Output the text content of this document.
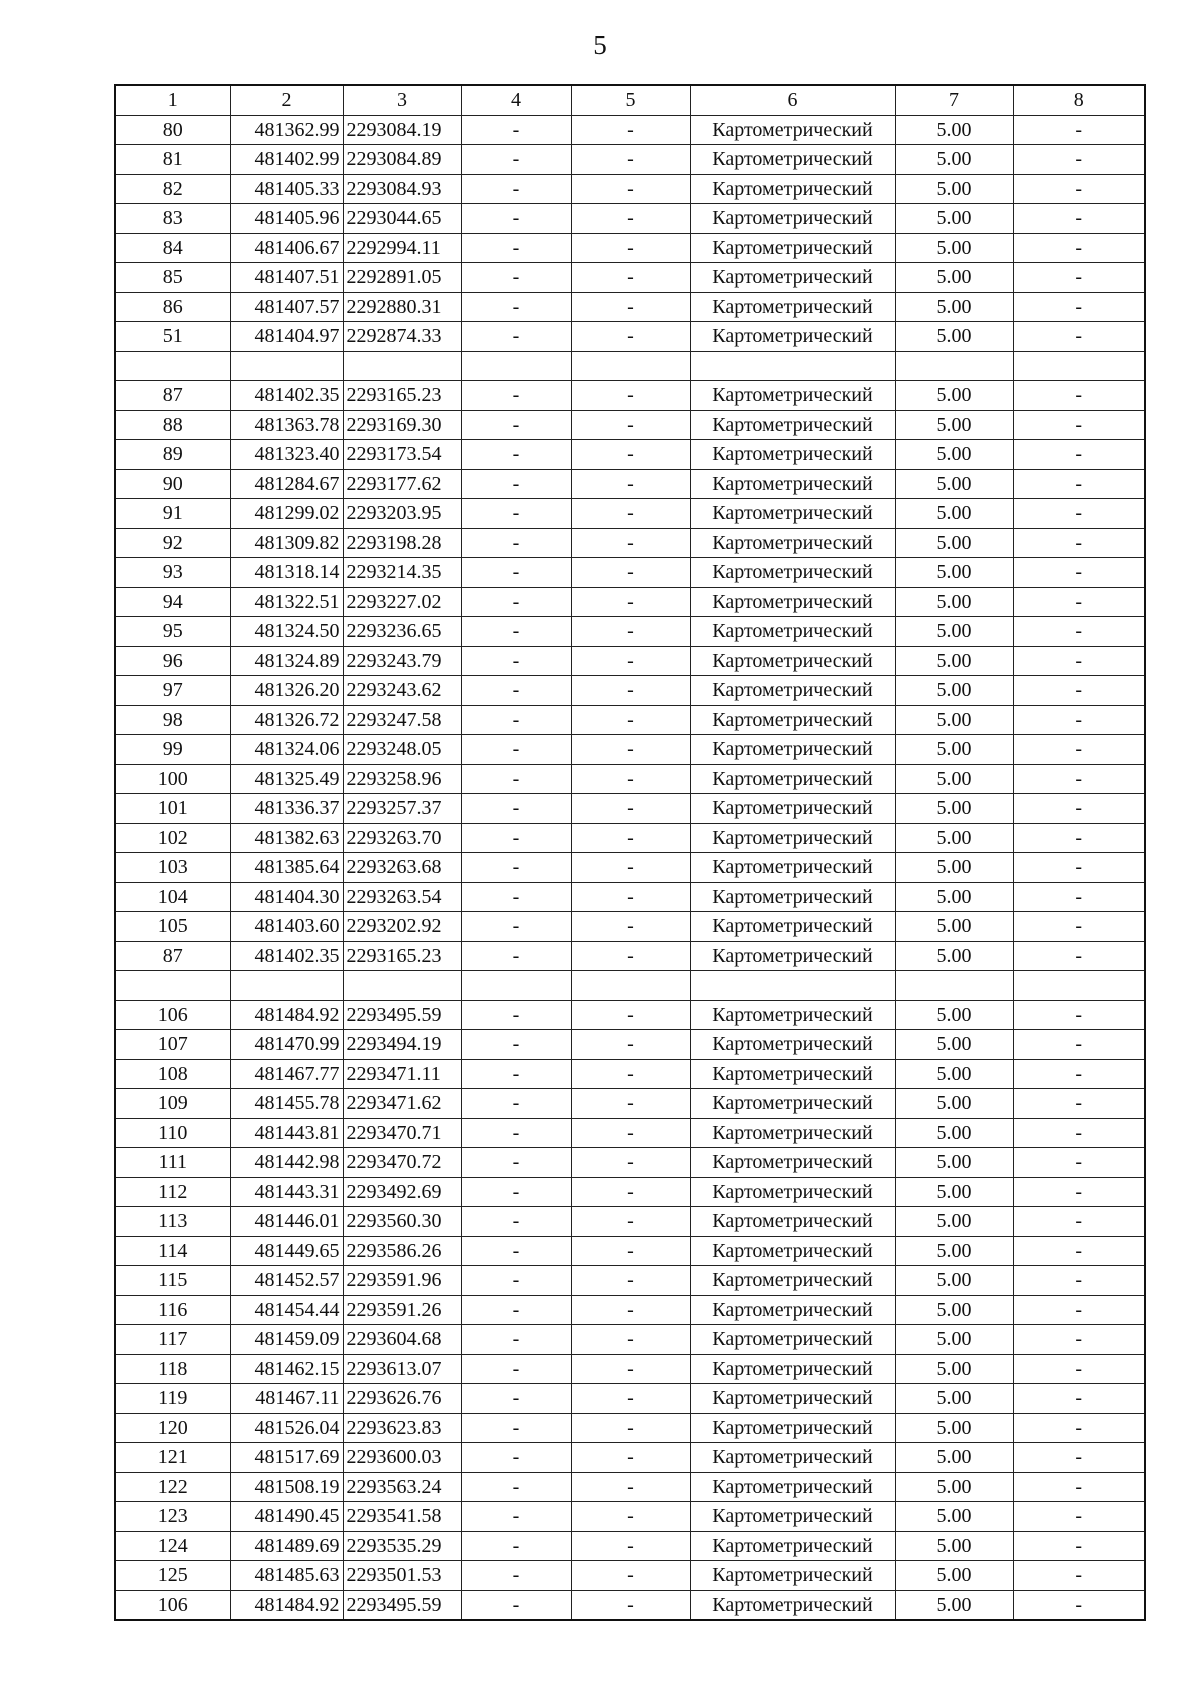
5
1	2	3	4	5	6	7	8
80	481362.99	2293084.19	-	-	Картометрический	5.00	-
81	481402.99	2293084.89	-	-	Картометрический	5.00	-
82	481405.33	2293084.93	-	-	Картометрический	5.00	-
83	481405.96	2293044.65	-	-	Картометрический	5.00	-
84	481406.67	2292994.11	-	-	Картометрический	5.00	-
85	481407.51	2292891.05	-	-	Картометрический	5.00	-
86	481407.57	2292880.31	-	-	Картометрический	5.00	-
51	481404.97	2292874.33	-	-	Картометрический	5.00	-

87	481402.35	2293165.23	-	-	Картометрический	5.00	-
88	481363.78	2293169.30	-	-	Картометрический	5.00	-
89	481323.40	2293173.54	-	-	Картометрический	5.00	-
90	481284.67	2293177.62	-	-	Картометрический	5.00	-
91	481299.02	2293203.95	-	-	Картометрический	5.00	-
92	481309.82	2293198.28	-	-	Картометрический	5.00	-
93	481318.14	2293214.35	-	-	Картометрический	5.00	-
94	481322.51	2293227.02	-	-	Картометрический	5.00	-
95	481324.50	2293236.65	-	-	Картометрический	5.00	-
96	481324.89	2293243.79	-	-	Картометрический	5.00	-
97	481326.20	2293243.62	-	-	Картометрический	5.00	-
98	481326.72	2293247.58	-	-	Картометрический	5.00	-
99	481324.06	2293248.05	-	-	Картометрический	5.00	-
100	481325.49	2293258.96	-	-	Картометрический	5.00	-
101	481336.37	2293257.37	-	-	Картометрический	5.00	-
102	481382.63	2293263.70	-	-	Картометрический	5.00	-
103	481385.64	2293263.68	-	-	Картометрический	5.00	-
104	481404.30	2293263.54	-	-	Картометрический	5.00	-
105	481403.60	2293202.92	-	-	Картометрический	5.00	-
87	481402.35	2293165.23	-	-	Картометрический	5.00	-

106	481484.92	2293495.59	-	-	Картометрический	5.00	-
107	481470.99	2293494.19	-	-	Картометрический	5.00	-
108	481467.77	2293471.11	-	-	Картометрический	5.00	-
109	481455.78	2293471.62	-	-	Картометрический	5.00	-
110	481443.81	2293470.71	-	-	Картометрический	5.00	-
111	481442.98	2293470.72	-	-	Картометрический	5.00	-
112	481443.31	2293492.69	-	-	Картометрический	5.00	-
113	481446.01	2293560.30	-	-	Картометрический	5.00	-
114	481449.65	2293586.26	-	-	Картометрический	5.00	-
115	481452.57	2293591.96	-	-	Картометрический	5.00	-
116	481454.44	2293591.26	-	-	Картометрический	5.00	-
117	481459.09	2293604.68	-	-	Картометрический	5.00	-
118	481462.15	2293613.07	-	-	Картометрический	5.00	-
119	481467.11	2293626.76	-	-	Картометрический	5.00	-
120	481526.04	2293623.83	-	-	Картометрический	5.00	-
121	481517.69	2293600.03	-	-	Картометрический	5.00	-
122	481508.19	2293563.24	-	-	Картометрический	5.00	-
123	481490.45	2293541.58	-	-	Картометрический	5.00	-
124	481489.69	2293535.29	-	-	Картометрический	5.00	-
125	481485.63	2293501.53	-	-	Картометрический	5.00	-
106	481484.92	2293495.59	-	-	Картометрический	5.00	-
